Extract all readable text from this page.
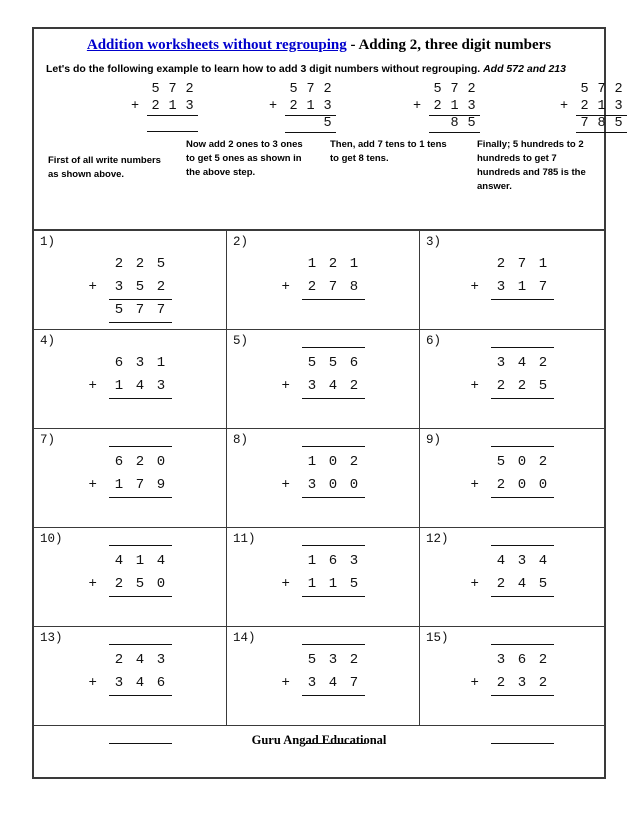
Addition worksheets without regrouping - Adding 2, three digit numbers
Let's do the following example to learn how to add 3 digit numbers without regrouping. Add 572 and 213
5 7 2
+ 2 1 3
First of all write numbers as shown above.
5 7 2
+ 2 1 3
5
Now add 2 ones to 3 ones to get 5 ones as shown in the above step.
5 7 2
+ 2 1 3
8 5
Then, add 7 tens to 1 tens to get 8 tens.
5 7 2
+ 2 1 3
7 8 5
Finally; 5 hundreds to 2 hundreds to get 7 hundreds and 785 is the answer.
1)
2 2 5
+	3 5 2
5 7 7
2)
1 2 1
+	2 7 8
3)
2 7 1
+	3 1 7
4)
6 3 1
+	1 4 3
5)
5 5 6
+	3 4 2
6)
3 4 2
+	2 2 5
7)
6 2 0
+	1 7 9
8)
1 0 2
+	3 0 0
9)
5 0 2
+	2 0 0
10)
4 1 4
+	2 5 0
11)
1 6 3
+	1 1 5
12)
4 3 4
+	2 4 5
13)
2 4 3
+	3 4 6
14)
5 3 2
+	3 4 7
15)
3 6 2
+	2 3 2
Guru Angad Educational
